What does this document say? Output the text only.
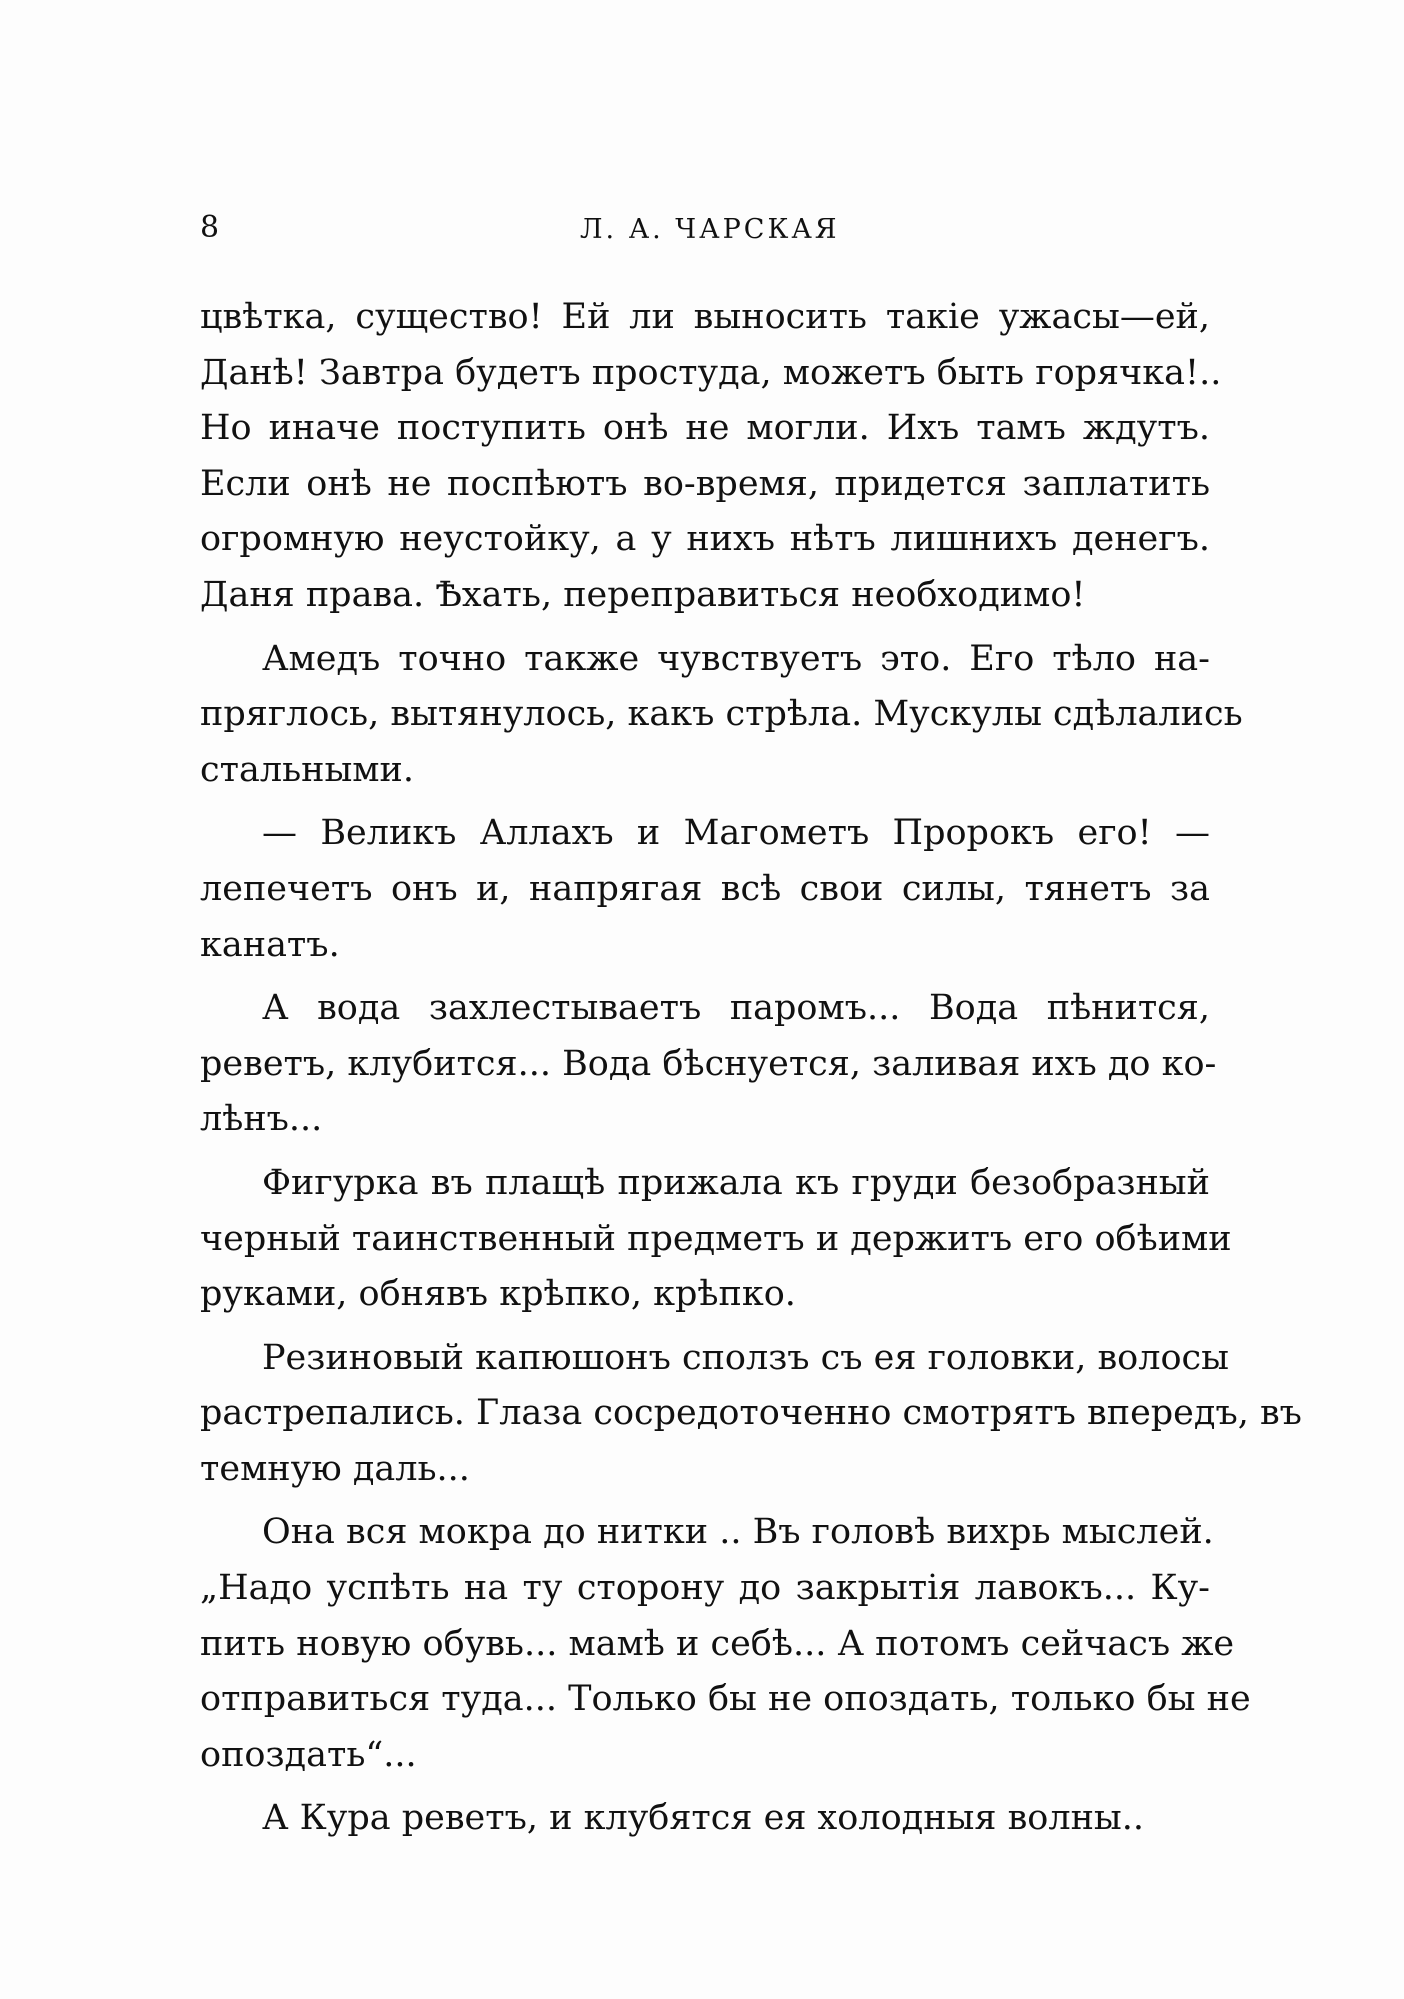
8	Л. А. ЧАРСКАЯ
цвѣтка, существо! Ей ли выносить такіе ужасы—ей,
Данѣ! Завтра будетъ простуда, можетъ быть горячка!..
Но иначе поступить онѣ не могли. Ихъ тамъ ждутъ.
Если онѣ не поспѣютъ во-время, придется заплатить
огромную неустойку, а у нихъ нѣтъ лишнихъ денегъ.
Даня права. Ѣхать, переправиться необходимо!
Амедъ точно также чувствуетъ это. Его тѣло на-
пряглось, вытянулось, какъ стрѣла. Мускулы сдѣлались
стальными.
— Великъ Аллахъ и Магометъ Пророкъ его! —
лепечетъ онъ и, напрягая всѣ свои силы, тянетъ за
канатъ.
А вода захлестываетъ паромъ... Вода пѣнится,
реветъ, клубится... Вода бѣснуется, заливая ихъ до ко-
лѣнъ...
Фигурка въ плащѣ прижала къ груди безобразный
черный таинственный предметъ и держитъ его обѣими
руками, обнявъ крѣпко, крѣпко.
Резиновый капюшонъ сползъ съ ея головки, волосы
растрепались. Глаза сосредоточенно смотрятъ впередъ, въ
темную даль...
Она вся мокра до нитки .. Въ головѣ вихрь мыслей.
„Надо успѣть на ту сторону до закрытія лавокъ... Ку-
пить новую обувь... мамѣ и себѣ... А потомъ сейчасъ же
отправиться туда... Только бы не опоздать, только бы не
опоздать“...
А Кура реветъ, и клубятся ея холодныя волны..
